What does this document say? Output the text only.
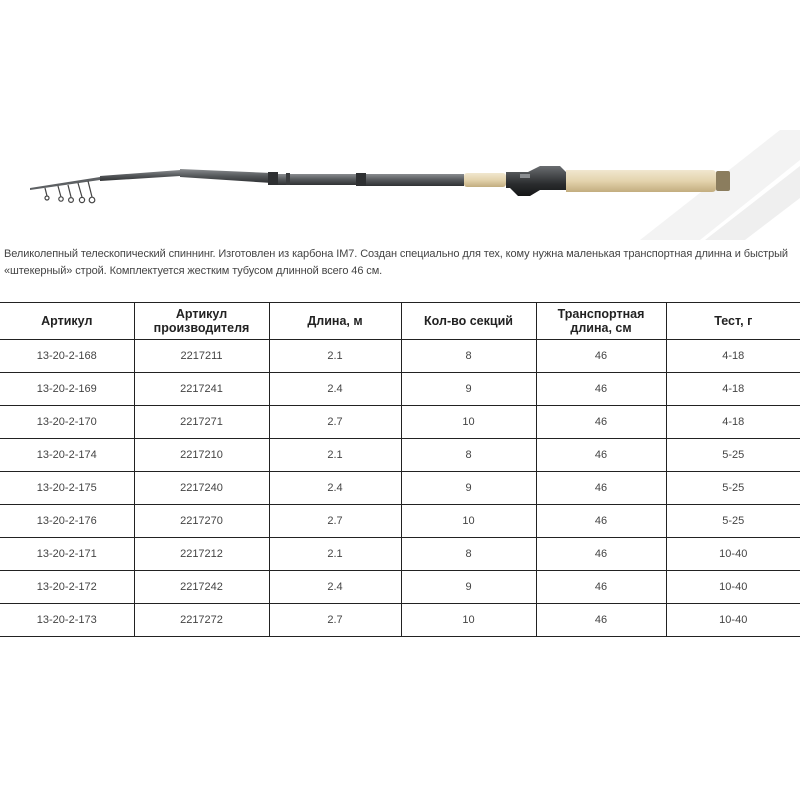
Великолепный телескопический спиннинг. Изготовлен из карбона IM7. Создан специально для тех, кому нужна маленькая транспортная длинна и быстрый «штекерный» строй. Комплектуется жестким тубусом длинной всего 46 см.
Артикул	Артикул производителя	Длина, м	Кол-во секций	Транспортная длина, см	Тест, г
13-20-2-168	2217211	2.1	8	46	4-18
13-20-2-169	2217241	2.4	9	46	4-18
13-20-2-170	2217271	2.7	10	46	4-18
13-20-2-174	2217210	2.1	8	46	5-25
13-20-2-175	2217240	2.4	9	46	5-25
13-20-2-176	2217270	2.7	10	46	5-25
13-20-2-171	2217212	2.1	8	46	10-40
13-20-2-172	2217242	2.4	9	46	10-40
13-20-2-173	2217272	2.7	10	46	10-40
